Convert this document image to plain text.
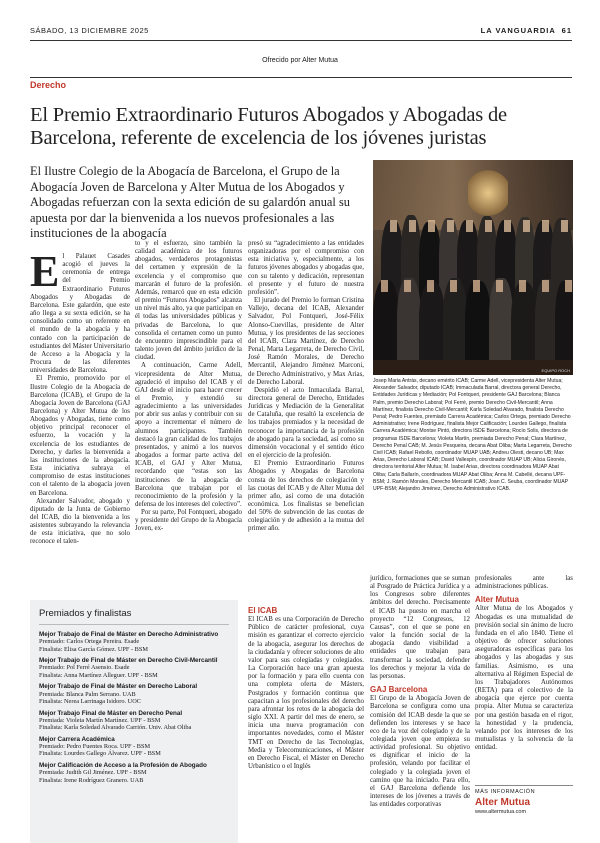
SÁBADO, 13 DICIEMBRE 2025	LA VANGUARDIA 61
Ofrecido por Alter Mutua
Derecho
El Premio Extraordinario Futuros Abogados y Abogadas de Barcelona, referente de excelencia de los jóvenes juristas
El Ilustre Colegio de la Abogacía de Barcelona, el Grupo de la Abogacía Joven de Barcelona y Alter Mutua de los Abogados y Abogadas refuerzan con la sexta edición de su galardón anual su apuesta por dar la bienvenida a los nuevos profesionales a las instituciones de la abogacía
EQUIPO ROCH
Josep Maria Antràs, decano emérito ICAB; Carme Adell, vicepresidenta Alter Mutua; Alexander Salvador, diputado ICAB; Immaculada Barral, directora general Derecho, Entidades Jurídicas y Mediación; Pol Fontqueri, presidente GAJ Barcelona; Blanca Palm, premio Derecho Laboral; Pol Ferré, premio Derecho Civil-Mercantil; Anna Martínez, finalista Derecho Civil-Mercantil; Karla Soledad Alvarado, finalista Derecho Penal; Pedro Fuentes, premiado Carrera Académica; Carlos Ortega, premiado Derecho Administrativo; Irene Rodríguez, finalista Mejor Calificación; Lourdes Gallego, finalista Carrera Académica; Montse Pintó, directora ISDE Barcelona; Rocío Solis, directora de programas ISDE Barcelona; Violeta Martín, premiada Derecho Penal; Clara Martínez, Derecho Penal CAB; M. Jesús Pesqueira, decana Abat Oliba; Marta Legarreta, Derecho Civil ICAB; Rafael Rebollo, coordinador MUAP UAB; Andreu Olesti, decano UB; Max Arias, Derecho Laboral ICAB; David Vallespín, coordinador MUAP UB; Alicia Gironès, directora territorial Alter Mutua; M. Isabel Arias, directora coordinadora MUAP Abat Oliba; Carla Ballarín, coordinadora MUAP Abat Oliba; Anna M. Cabellé, decana UPF-BSM; J. Ramón Morales, Derecho Mercantil ICAB; Joan C. Seuba, coordinador MUAP UPF-BSM; Alejandro Jiménez, Derecho Administrativo ICAB.

El Palauet Casades acogió el jueves la ceremonia de entrega del Premio Extraordinario Futuros Abogados y Abogadas de Barcelona. Este galardón, que este año llega a su sexta edición, se ha consolidado como un referente en el mundo de la abogacía y ha contado con la participación de estudiantes del Máster Universitario de Acceso a la Abogacía y la Procura de las diferentes universidades de Barcelona.

El Premio, promovido por el Ilustre Colegio de la Abogacía de Barcelona (ICAB), el Grupo de la Abogacía Joven de Barcelona (GAJ Barcelona) y Alter Mutua de los Abogados y Abogadas, tiene como objetivo principal reconocer el esfuerzo, la vocación y la excelencia de los estudiantes de Derecho, y darles la bienvenida a las instituciones de la abogacía. Esta iniciativa subraya el compromiso de estas instituciones con el talento de la abogacía joven en Barcelona.

Alexander Salvador, abogado y diputado de la Junta de Gobierno del ICAB, dio la bienvenida a los asistentes subrayando la relevancia de esta iniciativa, que no solo reconoce el talen-

to y el esfuerzo, sino también la calidad académica de los futuros abogados, verdaderos protagonistas del certamen y expresión de la excelencia y el compromiso que marcarán el futuro de la profesión. Además, remarcó que en esta edición el premio “Futuros Abogados” alcanza un nivel más alto, ya que participan en él todas las universidades públicas y privadas de Barcelona, lo que consolida el certamen como un punto de encuentro imprescindible para el talento joven del ámbito jurídico de la ciudad.

A continuación, Carme Adell, vicepresidenta de Alter Mutua, agradeció el impulso del ICAB y el GAJ desde el inicio para hacer crecer el Premio, y extendió su agradecimiento a las universidades por abrir sus aulas y contribuir con su apoyo a incrementar el número de alumnos participantes. También destacó la gran calidad de los trabajos presentados, y animó a los nuevos abogados a formar parte activa del ICAB, el GAJ y Alter Mutua, recordando que “estas son las instituciones de la abogacía de Barcelona que trabajan por el reconocimiento de la profesión y la defensa de los intereses del colectivo”.

Por su parte, Pol Fontqueri, abogado y presidente del Grupo de la Abogacía Joven, ex-

presó su “agradecimiento a las entidades organizadoras por el compromiso con esta iniciativa y, especialmente, a los futuros jóvenes abogados y abogadas que, con su talento y dedicación, representan el presente y el futuro de nuestra profesión”.

El jurado del Premio lo forman Cristina Vallejo, decana del ICAB, Alexander Salvador, Pol Fontqueri, José-Félix Alonso-Cuevillas, presidente de Alter Mutua, y los presidentes de las secciones del ICAB, Clara Martínez, de Derecho Penal, Marta Legarreta, de Derecho Civil, José Ramón Morales, de Derecho Mercantil, Alejandro Jiménez Marconi, de Derecho Administrativo, y Max Arias, de Derecho Laboral.

Despidió el acto Inmaculada Barral, directora general de Derecho, Entidades Jurídicas y Mediación de la Generalitat de Cataluña, que resaltó la excelencia de los trabajos premiados y la necesidad de reconocer la importancia de la profesión de abogado para la sociedad, así como su dimensión vocacional y el sentido ético en el ejercicio de la profesión.

El Premio Extraordinario Futuros Abogados y Abogadas de Barcelona consta de los derechos de colegiación y las cuotas del ICAB y de Alter Mutua del primer año, así como de una dotación económica. Los finalistas se benefician del 50% de subvención de las cuotas de colegiación y de adhesión a la mutua del primer año.

Premiados y finalistas
Mejor Trabajo de Final de Máster en Derecho Administrativo
Premiado: Carlos Ortega Pereira. Esade
Finalista: Elisa García Gómez. UPF - BSM
Mejor Trabajo de Final de Máster en Derecho Civil-Mercantil
Premiado: Pol Ferré Asensio. Esade
Finalista: Anna Martínez Alleguer. UPF - BSM
Mejor Trabajo de Final de Máster en Derecho Laboral
Premiada: Blanca Palm Serrano. UAB
Finalista: Nerea Larrinaga Isidoro. UOC
Mejor Trabajo Final de Máster en Derecho Penal
Premiada: Violeta Martín Martínez. UPF - BSM
Finalista: Karla Soledad Alvarado Carrión. Univ. Abat Oliba
Mejor Carrera Académica
Premiado: Pedro Fuentes Roca. UPF - BSM
Finalista: Lourdes Gallego Álvarez. UPF - BSM
Mejor Calificación de Acceso a la Profesión de Abogado
Premiada: Judith Gil Jiménez. UPF - BSM
Finalista: Irene Rodríguez Granero. UAB
El ICAB

El ICAB es una Corporación de Derecho Público de carácter profesional, cuya misión es garantizar el correcto ejercicio de la abogacía, asegurar los derechos de la ciudadanía y ofrecer soluciones de alto valor para sus colegiadas y colegiados. La Corporación hace una gran apuesta por la formación y para ello cuenta con una completa oferta de Másters, Postgrados y formación continua que capacitan a los profesionales del derecho para afrontar los retos de la abogacía del siglo XXI. A partir del mes de enero, se inicia una nueva programación con importantes novedades, como el Máster TMT en Derecho de las Tecnologías, Media y Telecomunicaciones, el Máster en Derecho Fiscal, el Máster en Derecho Urbanístico o el Inglés

jurídico, formaciones que se suman al Posgrado de Práctica Jurídica y a los Congresos sobre diferentes ámbitos del derecho. Precisamente el ICAB ha puesto en marcha el proyecto “12 Congresos, 12 Causas”, con el que se pone en valor la función social de la abogacía dando visibilidad a entidades que trabajan para transformar la sociedad, defender los derechos y mejorar la vida de las personas.

GAJ Barcelona

El Grupo de la Abogacía Joven de Barcelona se configura como una comisión del ICAB desde la que se defienden los intereses y se hace eco de la voz del colegiado y de la colegiada joven que empieza su actividad profesional. Su objetivo es dignificar el inicio de la profesión, velando por facilitar el colegiado y la colegiada joven el camino que ha iniciado. Para ello, el GAJ Barcelona defiende los intereses de los jóvenes a través de las entidades corporativas

profesionales ante las administraciones públicas.

Alter Mutua

Alter Mutua de los Abogados y Abogadas es una mutualidad de previsión social sin ánimo de lucro fundada en el año 1840. Tiene el objetivo de ofrecer soluciones aseguradoras específicas para los abogados y las abogadas y sus familias. Asimismo, es una alternativa al Régimen Especial de los Trabajadores Autónomos (RETA) para el colectivo de la abogacía que ejerce por cuenta propia. Alter Mutua se caracteriza por una gestión basada en el rigor, la honestidad y la prudencia, velando por los intereses de los mutualistas y la solvencia de la entidad.

MÁS INFORMACIÓN
Alter Mutua
www.altermutua.com
